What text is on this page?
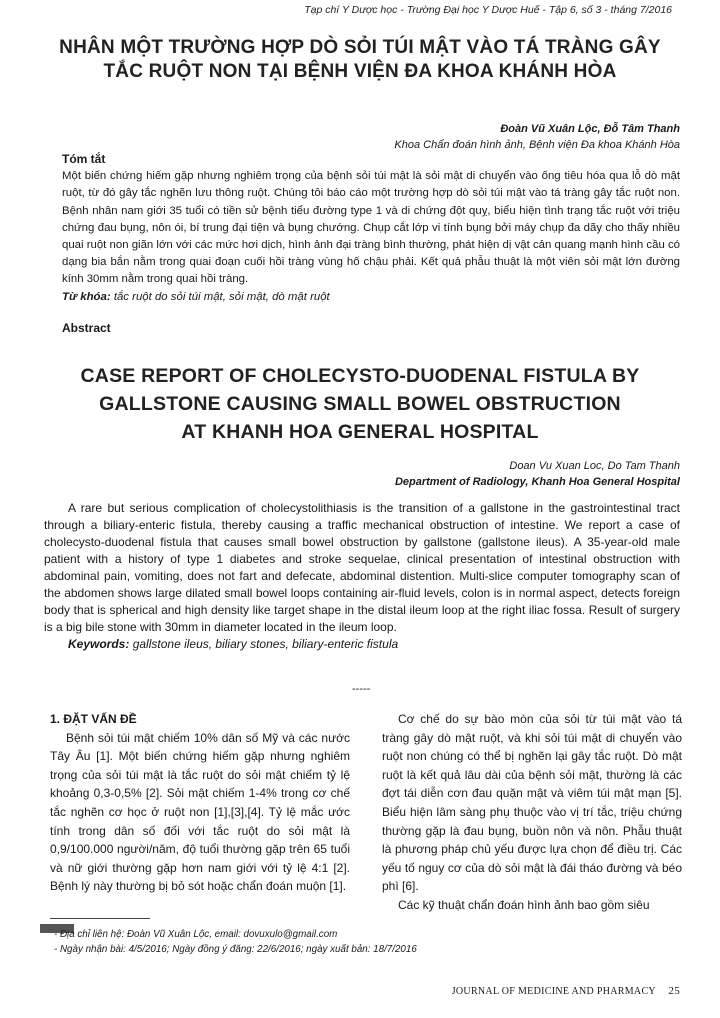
Tạp chí Y Dược học - Trường Đại học Y Dược Huế - Tập 6, số 3 - tháng 7/2016
NHÂN MỘT TRƯỜNG HỢP DÒ SỎI TÚI MẬT VÀO TÁ TRÀNG GÂY TẮC RUỘT NON TẠI BỆNH VIỆN ĐA KHOA KHÁNH HÒA
Đoàn Vũ Xuân Lộc, Đỗ Tâm Thanh
Khoa Chẩn đoán hình ảnh, Bệnh viện Đa khoa Khánh Hòa
Tóm tắt
Một biến chứng hiếm gặp nhưng nghiêm trọng của bệnh sỏi túi mật là sỏi mật di chuyển vào ống tiêu hóa qua lỗ dò mật ruột, từ đó gây tắc nghẽn lưu thông ruột. Chúng tôi báo cáo một trường hợp dò sỏi túi mật vào tá tràng gây tắc ruột non. Bệnh nhân nam giới 35 tuổi có tiền sử bệnh tiểu đường type 1 và di chứng đột quỵ, biểu hiện tình trạng tắc ruột với triệu chứng đau bụng, nôn ói, bí trung đại tiện và bụng chướng. Chụp cắt lớp vi tính bụng bởi máy chụp đa dãy cho thấy nhiều quai ruột non giãn lớn với các mức hơi dịch, hình ảnh đại tràng bình thường, phát hiện dị vật cản quang mạnh hình cầu có dạng bia bắn nằm trong quai đoạn cuối hồi tràng vùng hố chậu phải. Kết quả phẫu thuật là một viên sỏi mật lớn đường kính 30mm nằm trong quai hồi tràng.
Từ khóa: tắc ruột do sỏi túi mật, sỏi mật, dò mật ruột
Abstract
CASE REPORT OF CHOLECYSTO-DUODENAL FISTULA BY
GALLSTONE CAUSING SMALL BOWEL OBSTRUCTION
AT KHANH HOA GENERAL HOSPITAL
Doan Vu Xuan Loc, Do Tam Thanh
Department of Radiology, Khanh Hoa General Hospital

A rare but serious complication of cholecystolithiasis is the transition of a gallstone in the gastrointestinal tract through a biliary-enteric fistula, thereby causing a traffic mechanical obstruction of intestine. We report a case of cholecysto-duodenal fistula that causes small bowel obstruction by gallstone (gallstone ileus). A 35-year-old male patient with a history of type 1 diabetes and stroke sequelae, clinical presentation of intestinal obstruction with abdominal pain, vomiting, does not fart and defecate, abdominal distention. Multi-slice computer tomography scan of the abdomen shows large dilated small bowel loops containing air-fluid levels, colon is in normal aspect, detects foreign body that is spherical and high density like target shape in the distal ileum loop at the right iliac fossa. Result of surgery is a big bile stone with 30mm in diameter located in the ileum loop.

Keywords: gallstone ileus, biliary stones, biliary-enteric fistula
-----
1. ĐẶT VẤN ĐỀ

Bệnh sỏi túi mật chiếm 10% dân số Mỹ và các nước Tây Âu [1]. Một biến chứng hiếm gặp nhưng nghiêm trọng của sỏi túi mật là tắc ruột do sỏi mật chiếm tỷ lệ khoảng 0,3-0,5% [2]. Sỏi mật chiếm 1-4% trong cơ chế tắc nghẽn cơ học ở ruột non [1],[3],[4]. Tỷ lệ mắc ước tính trong dân số đối với tắc ruột do sỏi mật là 0,9/100.000 người/năm, độ tuổi thường gặp trên 65 tuổi và nữ giới thường gặp hơn nam giới với tỷ lệ 4:1 [2]. Bệnh lý này thường bị bỏ sót hoặc chẩn đoán muộn [1].

Cơ chế do sự bào mòn của sỏi từ túi mật vào tá tràng gây dò mật ruột, và khi sỏi túi mật di chuyển vào ruột non chúng có thể bị nghẽn lại gây tắc ruột. Dò mật ruột là kết quả lâu dài của bệnh sỏi mật, thường là các đợt tái diễn cơn đau quặn mật và viêm túi mật mạn [5]. Biểu hiện lâm sàng phụ thuộc vào vị trí tắc, triệu chứng thường gặp là đau bụng, buồn nôn và nôn. Phẫu thuật là phương pháp chủ yếu được lựa chọn để điều trị. Các yếu tố nguy cơ của dò sỏi mật là đái tháo đường và béo phì [6].

Các kỹ thuật chẩn đoán hình ảnh bao gồm siêu

- Địa chỉ liên hệ: Đoàn Vũ Xuân Lộc, email: dovuxulo@gmail.com
- Ngày nhận bài: 4/5/2016; Ngày đồng ý đăng: 22/6/2016; ngày xuất bản: 18/7/2016
JOURNAL OF MEDICINE AND PHARMACY 25
